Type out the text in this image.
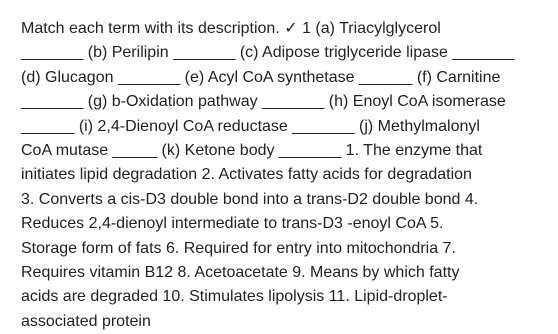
Match each term with its description. ✓ 1 (a) Triacylglycerol
_______ (b) Perilipin _______ (c) Adipose triglyceride lipase _______
(d) Glucagon _______ (e) Acyl CoA synthetase ______ (f) Carnitine
_______ (g) b-Oxidation pathway _______ (h) Enoyl CoA isomerase
______ (i) 2,4-Dienoyl CoA reductase _______ (j) Methylmalonyl
CoA mutase _____ (k) Ketone body _______ 1. The enzyme that
initiates lipid degradation 2. Activates fatty acids for degradation
3. Converts a cis-D3 double bond into a trans-D2 double bond 4.
Reduces 2,4-dienoyl intermediate to trans-D3 -enoyl CoA 5.
Storage form of fats 6. Required for entry into mitochondria 7.
Requires vitamin B12 8. Acetoacetate 9. Means by which fatty
acids are degraded 10. Stimulates lipolysis 11. Lipid-droplet-
associated protein
